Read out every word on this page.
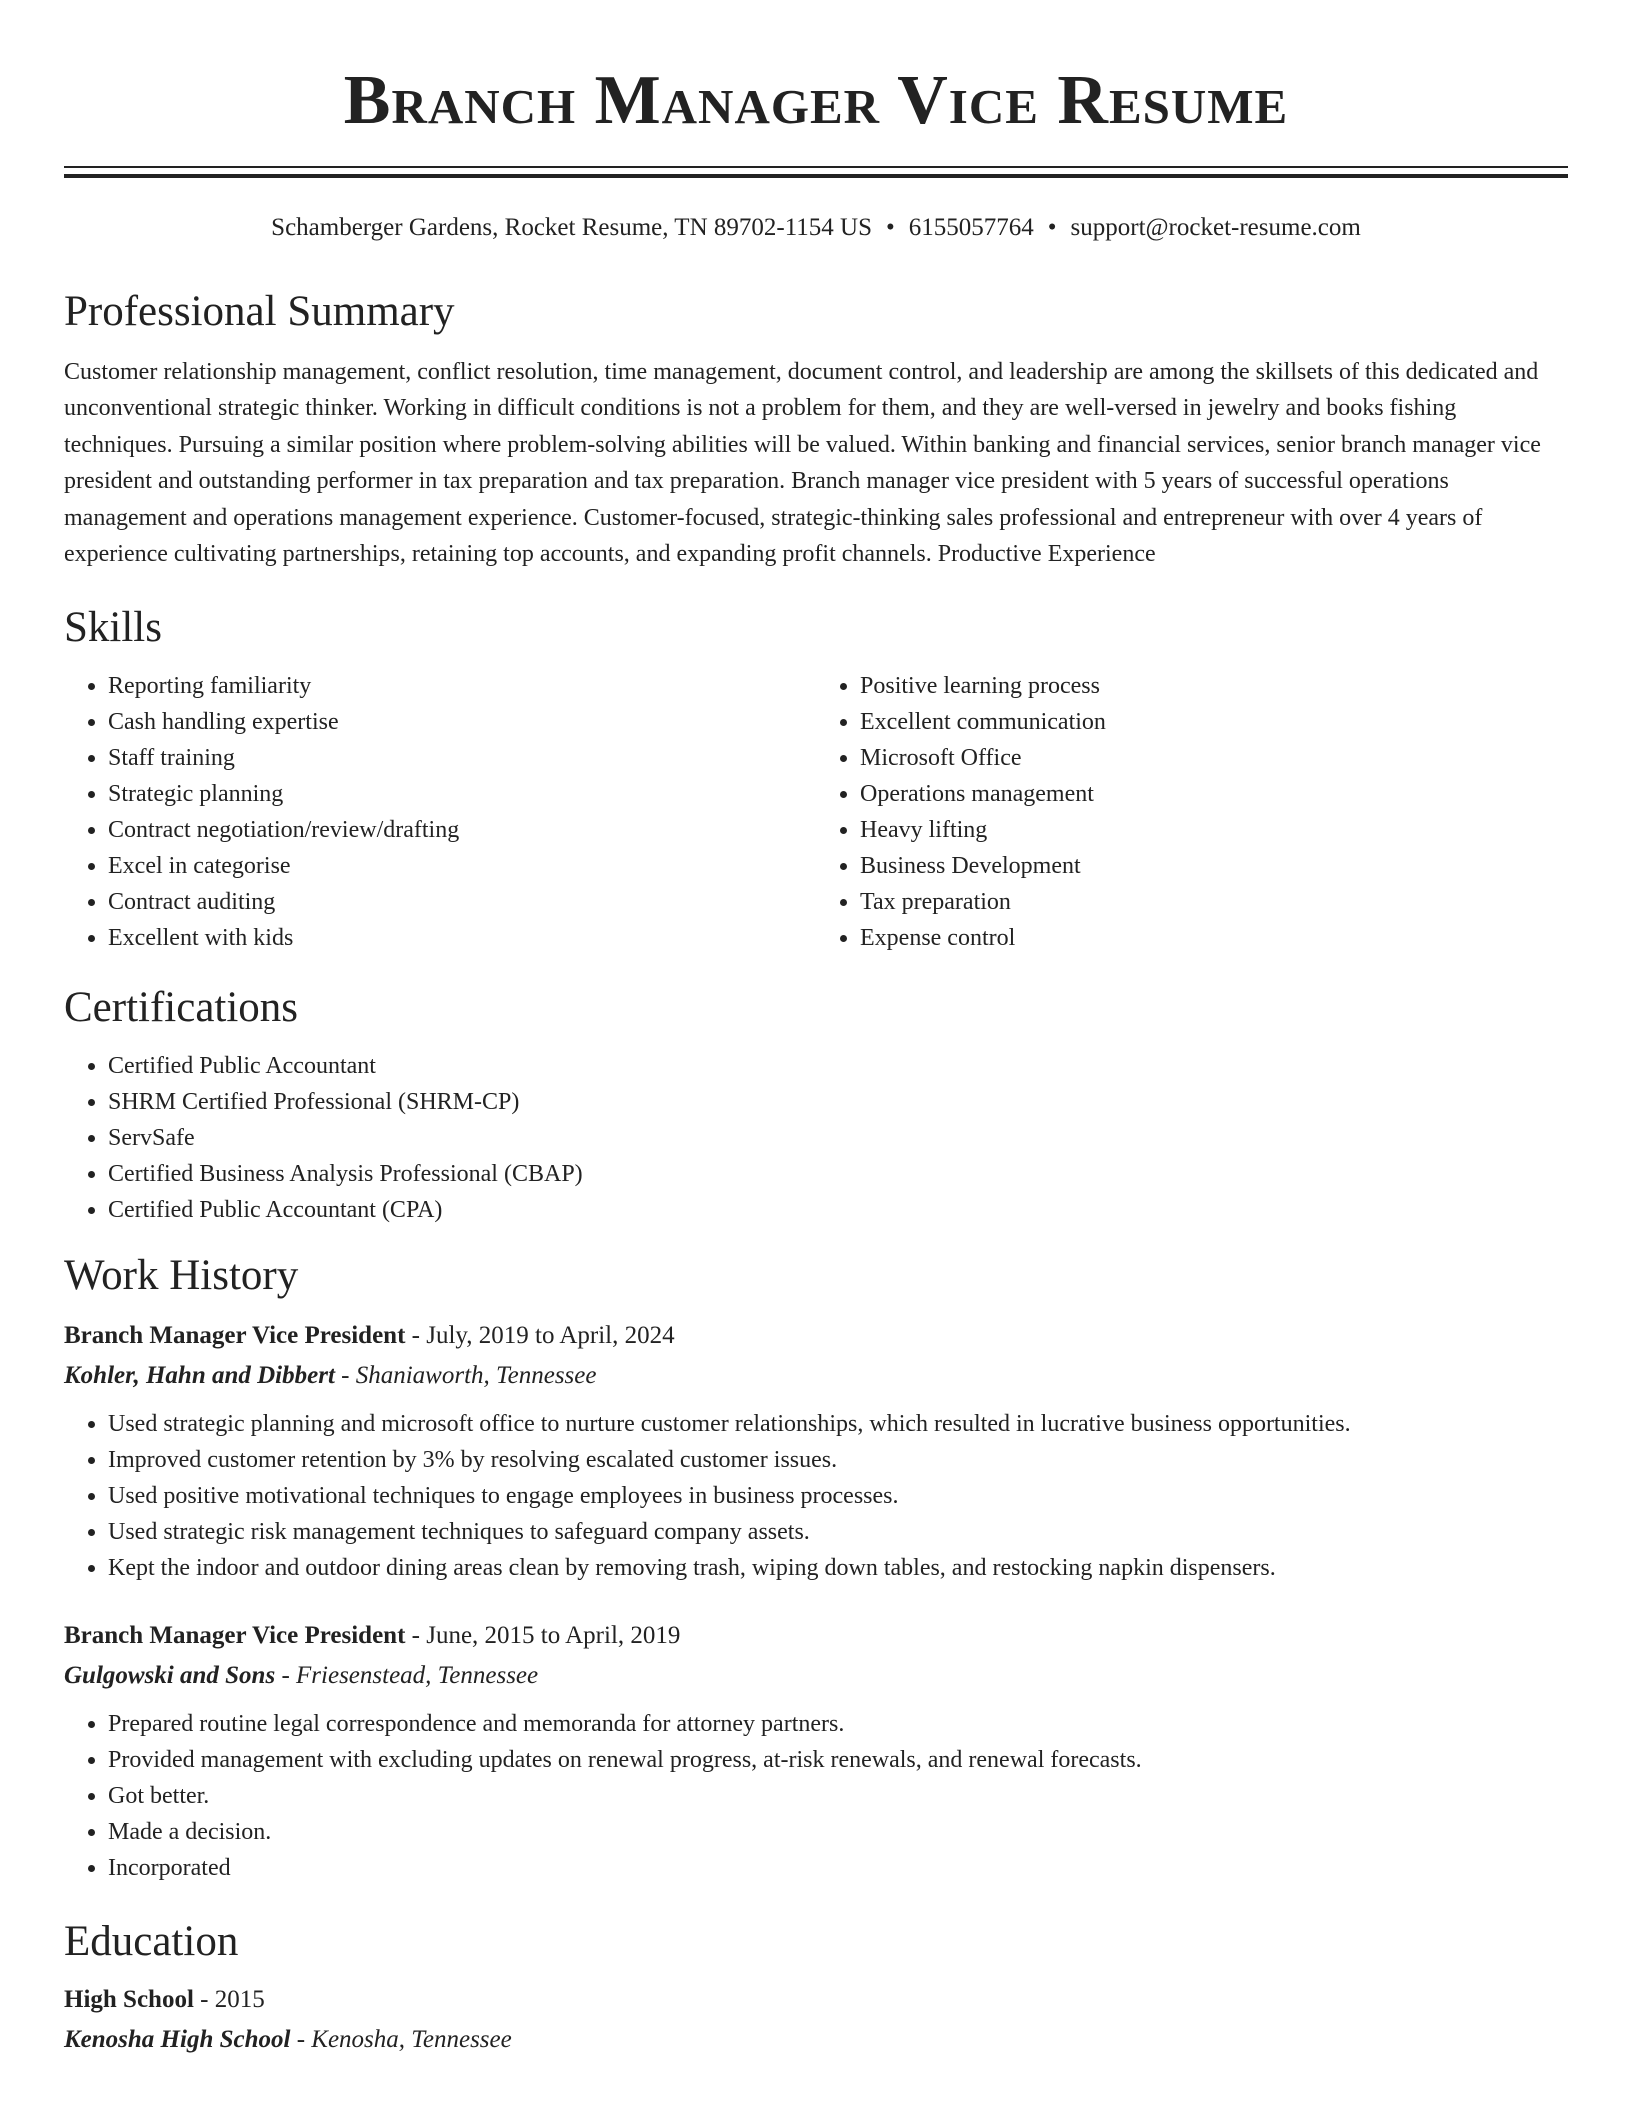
Branch Manager Vice Resume
Schamberger Gardens, Rocket Resume, TN 89702-1154 US • 6155057764 • support@rocket-resume.com
Professional Summary

Customer relationship management, conflict resolution, time management, document control, and leadership are among the skillsets of this dedicated and unconventional strategic thinker. Working in difficult conditions is not a problem for them, and they are well-versed in jewelry and books fishing techniques. Pursuing a similar position where problem-solving abilities will be valued. Within banking and financial services, senior branch manager vice president and outstanding performer in tax preparation and tax preparation. Branch manager vice president with 5 years of successful operations management and operations management experience. Customer-focused, strategic-thinking sales professional and entrepreneur with over 4 years of experience cultivating partnerships, retaining top accounts, and expanding profit channels. Productive Experience

Skills
• Reporting familiarity
• Cash handling expertise
• Staff training
• Strategic planning
• Contract negotiation/review/drafting
• Excel in categorise
• Contract auditing
• Excellent with kids
• Positive learning process
• Excellent communication
• Microsoft Office
• Operations management
• Heavy lifting
• Business Development
• Tax preparation
• Expense control
Certifications
• Certified Public Accountant
• SHRM Certified Professional (SHRM-CP)
• ServSafe
• Certified Business Analysis Professional (CBAP)
• Certified Public Accountant (CPA)
Work History
Branch Manager Vice President - July, 2019 to April, 2024
Kohler, Hahn and Dibbert - Shaniaworth, Tennessee
• Used strategic planning and microsoft office to nurture customer relationships, which resulted in lucrative business opportunities.
• Improved customer retention by 3% by resolving escalated customer issues.
• Used positive motivational techniques to engage employees in business processes.
• Used strategic risk management techniques to safeguard company assets.
• Kept the indoor and outdoor dining areas clean by removing trash, wiping down tables, and restocking napkin dispensers.
Branch Manager Vice President - June, 2015 to April, 2019
Gulgowski and Sons - Friesenstead, Tennessee
• Prepared routine legal correspondence and memoranda for attorney partners.
• Provided management with excluding updates on renewal progress, at-risk renewals, and renewal forecasts.
• Got better.
• Made a decision.
• Incorporated
Education
High School - 2015
Kenosha High School - Kenosha, Tennessee
